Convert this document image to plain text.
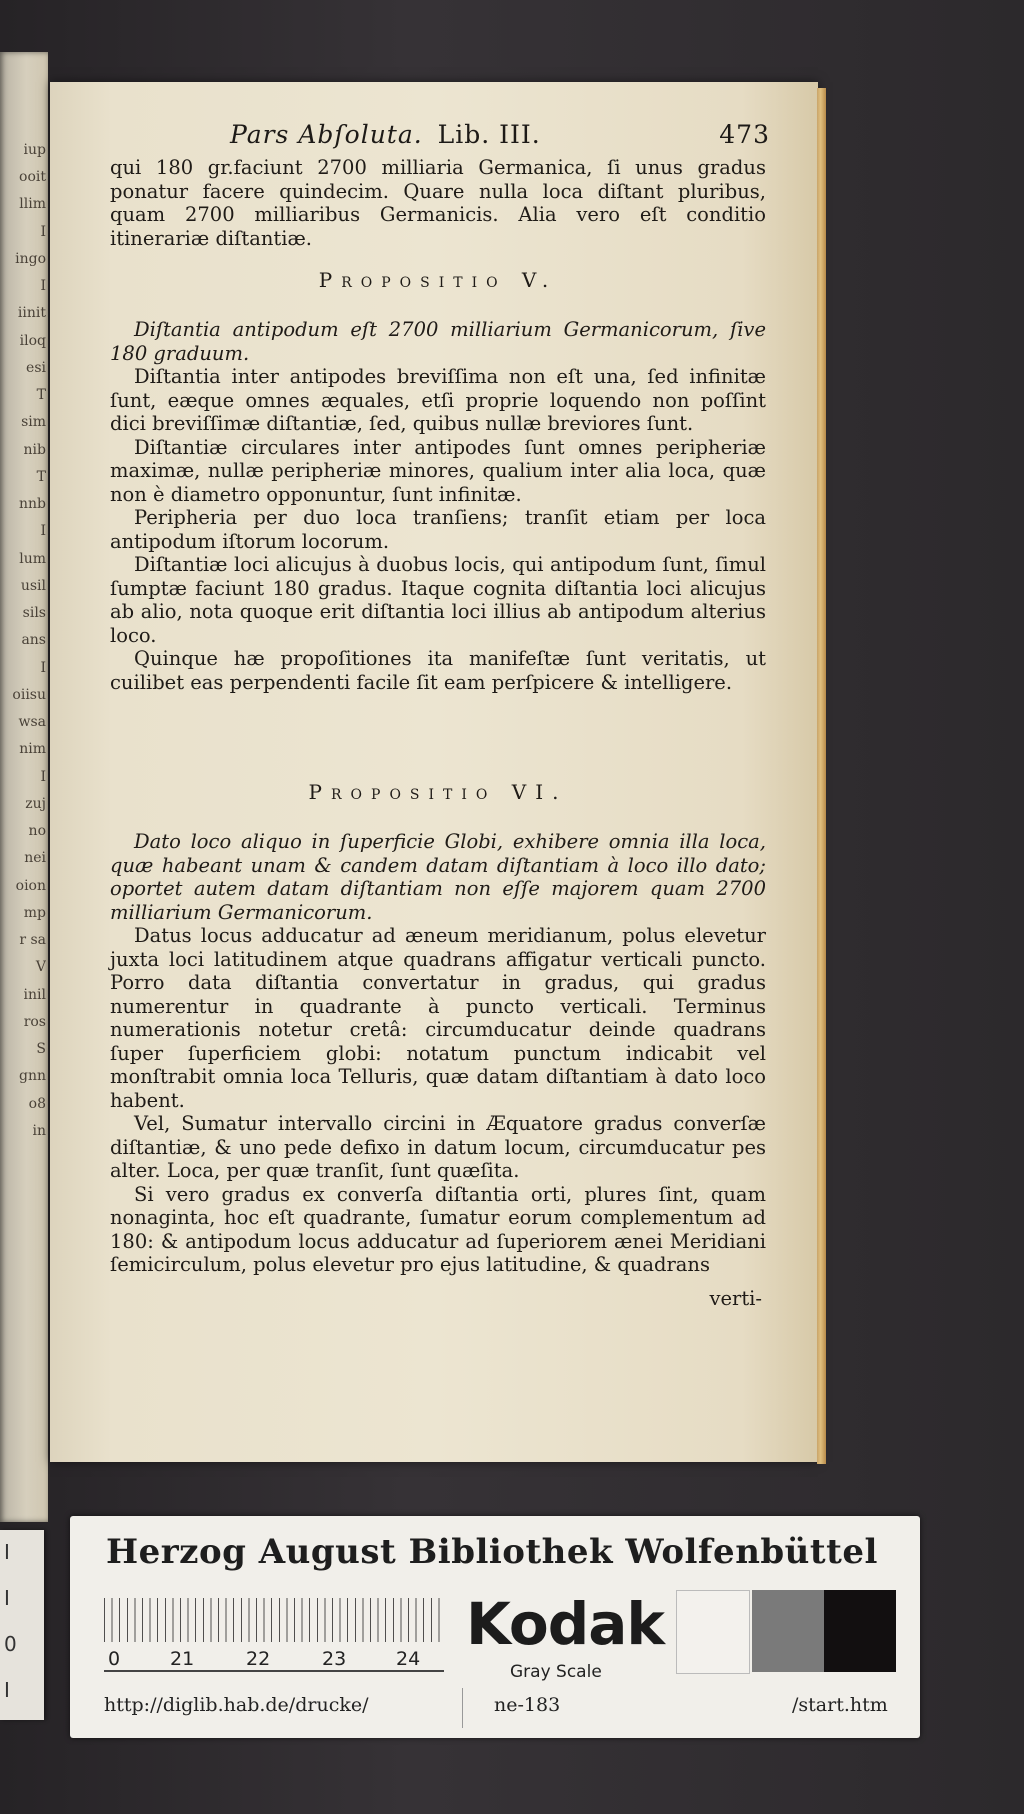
iup
ooit
llim
I
ingo
I
iinit
iloq
esi
T
sim
nib
T
nnb
I
lum
usil
sils
ans
I
oiisu
wsa
nim
I
zuj
no
nei
oion
mp
r sa
V
inil
ros
S
gnn
o8
in
Pars Abſoluta. Lib. III.	473

qui 180 gr.faciunt 2700 milliaria Germanica, ſi unus gradus ponatur facere quindecim. Quare nulla loca diſtant pluribus, quam 2700 milliaribus Germanicis. Alia vero eſt conditio itinerariæ diſtantiæ.

Propositio V.

Diſtantia antipodum eſt 2700 milliarium Germanicorum, ſive 180 graduum.

Diſtantia inter antipodes breviſſima non eſt una, ſed infinitæ ſunt, eæque omnes æquales, etſi proprie loquendo non poſſint dici breviſſimæ diſtantiæ, ſed, quibus nullæ breviores ſunt.

Diſtantiæ circulares inter antipodes ſunt omnes peripheriæ maximæ, nullæ peripheriæ minores, qualium inter alia loca, quæ non è diametro opponuntur, ſunt infinitæ.

Peripheria per duo loca tranſiens; tranſit etiam per loca antipodum iſtorum locorum.

Diſtantiæ loci alicujus à duobus locis, qui antipodum ſunt, ſimul ſumptæ faciunt 180 gradus. Itaque cognita diſtantia loci alicujus ab alio, nota quoque erit diſtantia loci illius ab antipodum alterius loco.

Quinque hæ propoſitiones ita manifeſtæ ſunt veritatis, ut cuilibet eas perpendenti facile ſit eam perſpicere & intelligere.

Propositio VI.

Dato loco aliquo in ſuperficie Globi, exhibere omnia illa loca, quæ habeant unam & candem datam diſtantiam à loco illo dato; oportet autem datam diſtantiam non eſſe majorem quam 2700 milliarium Germanicorum.

Datus locus adducatur ad æneum meridianum, polus elevetur juxta loci latitudinem atque quadrans affigatur verticali puncto. Porro data diſtantia convertatur in gradus, qui gradus numerentur in quadrante à puncto verticali. Terminus numerationis notetur cretâ: circumducatur deinde quadrans ſuper ſuperficiem globi: notatum punctum indicabit vel monſtrabit omnia loca Telluris, quæ datam diſtantiam à dato loco habent.

Vel, Sumatur intervallo circini in Æquatore gradus converſæ diſtantiæ, & uno pede defixo in datum locum, circumducatur pes alter. Loca, per quæ tranſit, ſunt quæſita.

Si vero gradus ex converſa diſtantia orti, plures ſint, quam nonaginta, hoc eſt quadrante, ſumatur eorum complementum ad 180: & antipodum locus adducatur ad ſuperiorem ænei Meridiani ſemicirculum, polus elevetur pro ejus latitudine, & quadrans

verti-
I
I
0
I
Herzog August Bibliothek Wolfenbüttel
0	21	22	23	24
Kodak
Gray Scale
http://diglib.hab.de/drucke/	ne-183	/start.htm
